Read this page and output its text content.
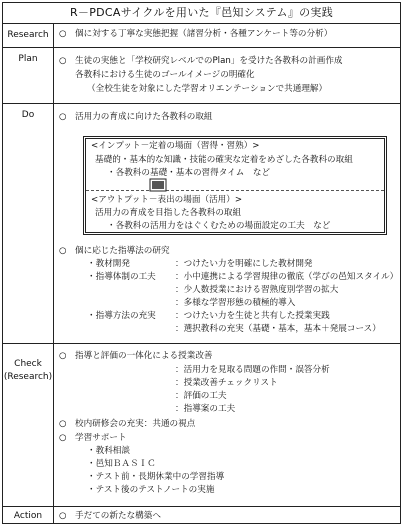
R－PDCAサイクルを用いた『邑知システム』の実践
Research
Plan
Do
Check
(Research)
Action
○ 個に対する丁寧な実態把握（諸習分析・各種アンケート等の分析）
○ 生徒の実態と「学校研究レベルでのPlan」を受けた各教科の計画作成
各教科における生徒のゴールイメージの明確化
（全校生徒を対象にした学習オリエンテーションで共通理解）
○ 活用力の育成に向けた各教科の取組
<インプット－定着の場面（習得・習熟）>
基礎的・基本的な知識・技能の確実な定着をめざした各教科の取組
・各教科の基礎・基本の習得タイム　など
<アウトプット－表出の場面（活用）>
活用力の育成を目指した各教科の取組
・各教科の活用力をはぐくむための場面設定の工夫　など
○ 個に応じた指導法の研究
・教材開発	：つけたい力を明確にした教材開発
・指導体制の工夫 ：小中連携による学習規律の徹底（学びの邑知スタイル）
：少人数授業における習熟度別学習の拡大
：多様な学習形態の積極的導入
・指導方法の充実 ：つけたい力を生徒と共有した授業実践
：選択教科の充実（基礎・基本，基本＋発展コース）
○ 指導と評価の一体化による授業改善
：活用力を見取る問題の作問・誤答分析
：授業改善チェックリスト
：評価の工夫
：指導案の工夫
○ 校内研修会の充実：共通の視点
○ 学習サポート
・教科相談
・邑知ＢＡＳＩＣ
・テスト前・長期休業中の学習指導
・テスト後のテストノートの実施
○ 手だての新たな構築へ
